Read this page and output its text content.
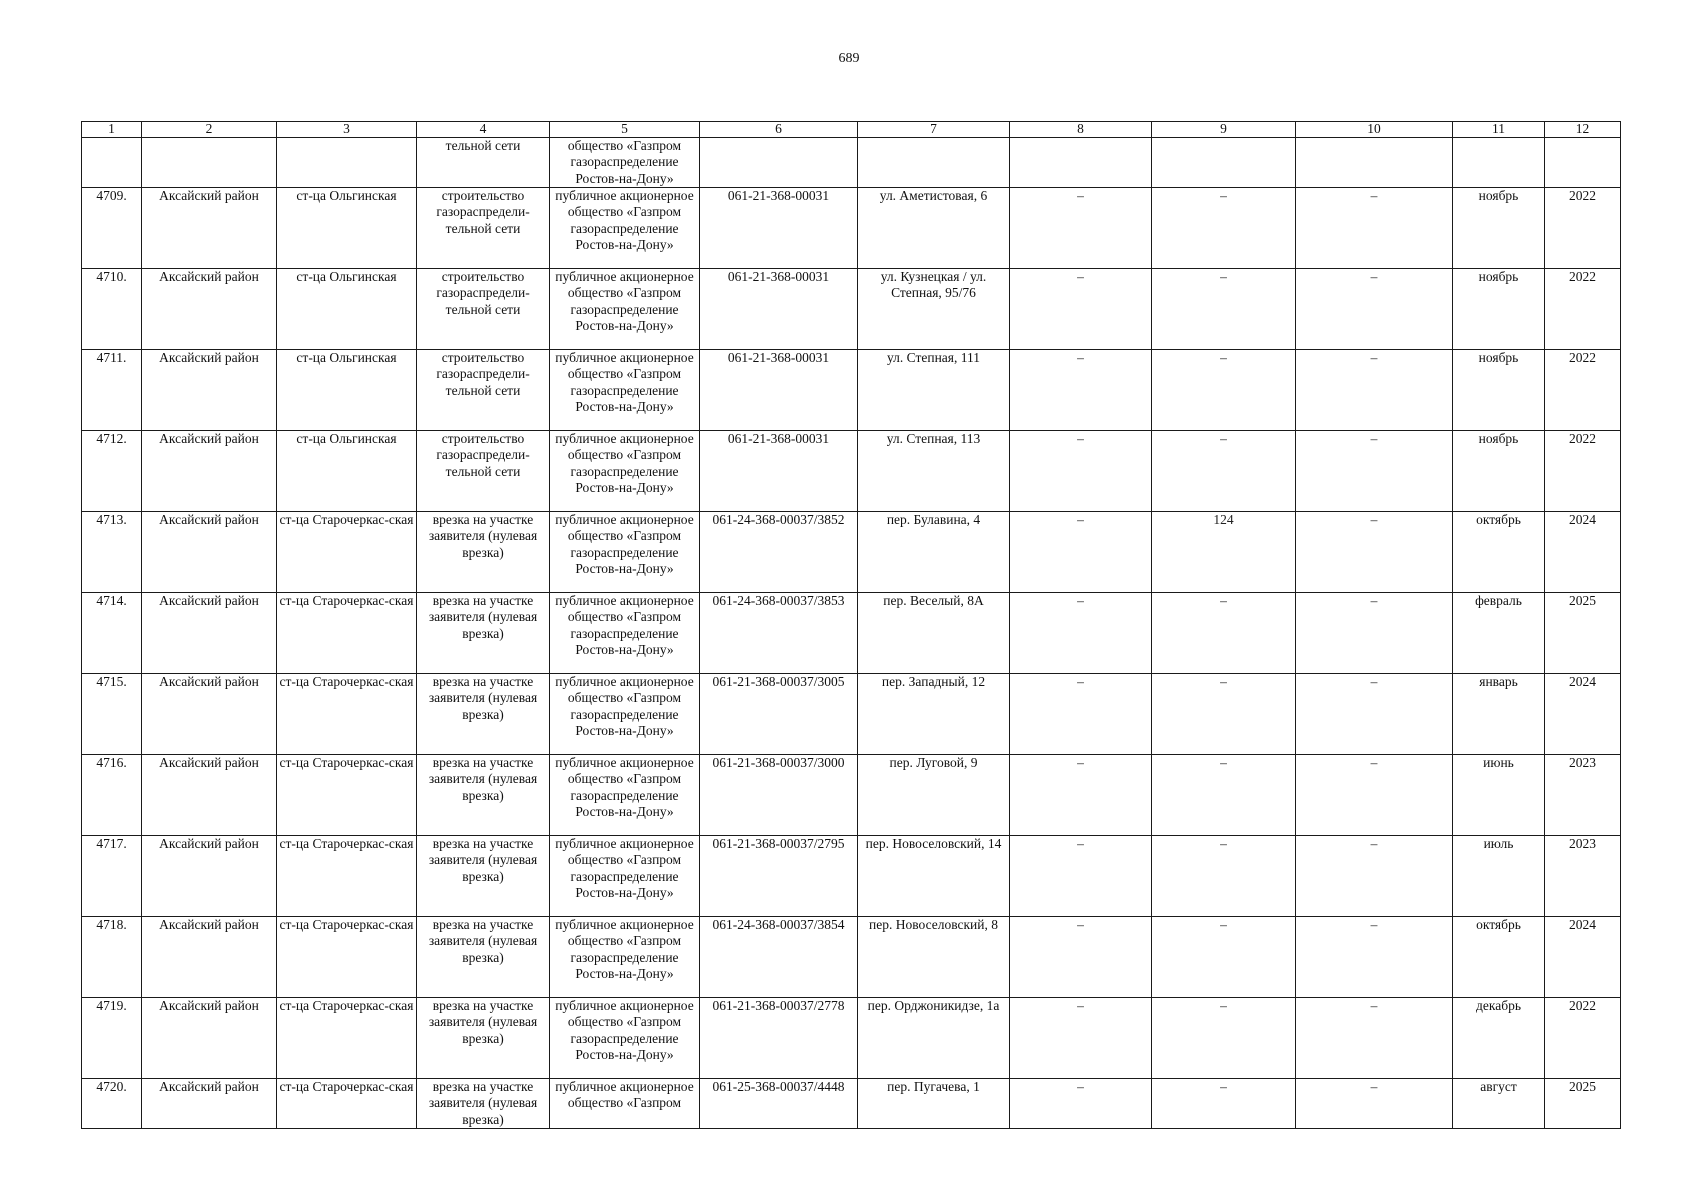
689
1	2	3	4	5	6	7	8	9	10	11	12
			тельной сети	общество «Газпром газораспределение Ростов-на-Дону»							
4709.	Аксайский район	ст-ца Ольгинская	строительство газораспредели-тельной сети	публичное акционерное общество «Газпром газораспределение Ростов-на-Дону»	061-21-368-00031	ул. Аметистовая, 6	–	–	–	ноябрь	2022
4710.	Аксайский район	ст-ца Ольгинская	строительство газораспредели-тельной сети	публичное акционерное общество «Газпром газораспределение Ростов-на-Дону»	061-21-368-00031	ул. Кузнецкая / ул. Степная, 95/76	–	–	–	ноябрь	2022
4711.	Аксайский район	ст-ца Ольгинская	строительство газораспредели-тельной сети	публичное акционерное общество «Газпром газораспределение Ростов-на-Дону»	061-21-368-00031	ул. Степная, 111	–	–	–	ноябрь	2022
4712.	Аксайский район	ст-ца Ольгинская	строительство газораспредели-тельной сети	публичное акционерное общество «Газпром газораспределение Ростов-на-Дону»	061-21-368-00031	ул. Степная, 113	–	–	–	ноябрь	2022
4713.	Аксайский район	ст-ца Старочеркас-ская	врезка на участке заявителя (нулевая врезка)	публичное акционерное общество «Газпром газораспределение Ростов-на-Дону»	061-24-368-00037/3852	пер. Булавина, 4	–	124	–	октябрь	2024
4714.	Аксайский район	ст-ца Старочеркас-ская	врезка на участке заявителя (нулевая врезка)	публичное акционерное общество «Газпром газораспределение Ростов-на-Дону»	061-24-368-00037/3853	пер. Веселый, 8А	–	–	–	февраль	2025
4715.	Аксайский район	ст-ца Старочеркас-ская	врезка на участке заявителя (нулевая врезка)	публичное акционерное общество «Газпром газораспределение Ростов-на-Дону»	061-21-368-00037/3005	пер. Западный, 12	–	–	–	январь	2024
4716.	Аксайский район	ст-ца Старочеркас-ская	врезка на участке заявителя (нулевая врезка)	публичное акционерное общество «Газпром газораспределение Ростов-на-Дону»	061-21-368-00037/3000	пер. Луговой, 9	–	–	–	июнь	2023
4717.	Аксайский район	ст-ца Старочеркас-ская	врезка на участке заявителя (нулевая врезка)	публичное акционерное общество «Газпром газораспределение Ростов-на-Дону»	061-21-368-00037/2795	пер. Новоселовский, 14	–	–	–	июль	2023
4718.	Аксайский район	ст-ца Старочеркас-ская	врезка на участке заявителя (нулевая врезка)	публичное акционерное общество «Газпром газораспределение Ростов-на-Дону»	061-24-368-00037/3854	пер. Новоселовский, 8	–	–	–	октябрь	2024
4719.	Аксайский район	ст-ца Старочеркас-ская	врезка на участке заявителя (нулевая врезка)	публичное акционерное общество «Газпром газораспределение Ростов-на-Дону»	061-21-368-00037/2778	пер. Орджоникидзе, 1а	–	–	–	декабрь	2022
4720.	Аксайский район	ст-ца Старочеркас-ская	врезка на участке заявителя (нулевая врезка)	публичное акционерное общество «Газпром	061-25-368-00037/4448	пер. Пугачева, 1	–	–	–	август	2025
